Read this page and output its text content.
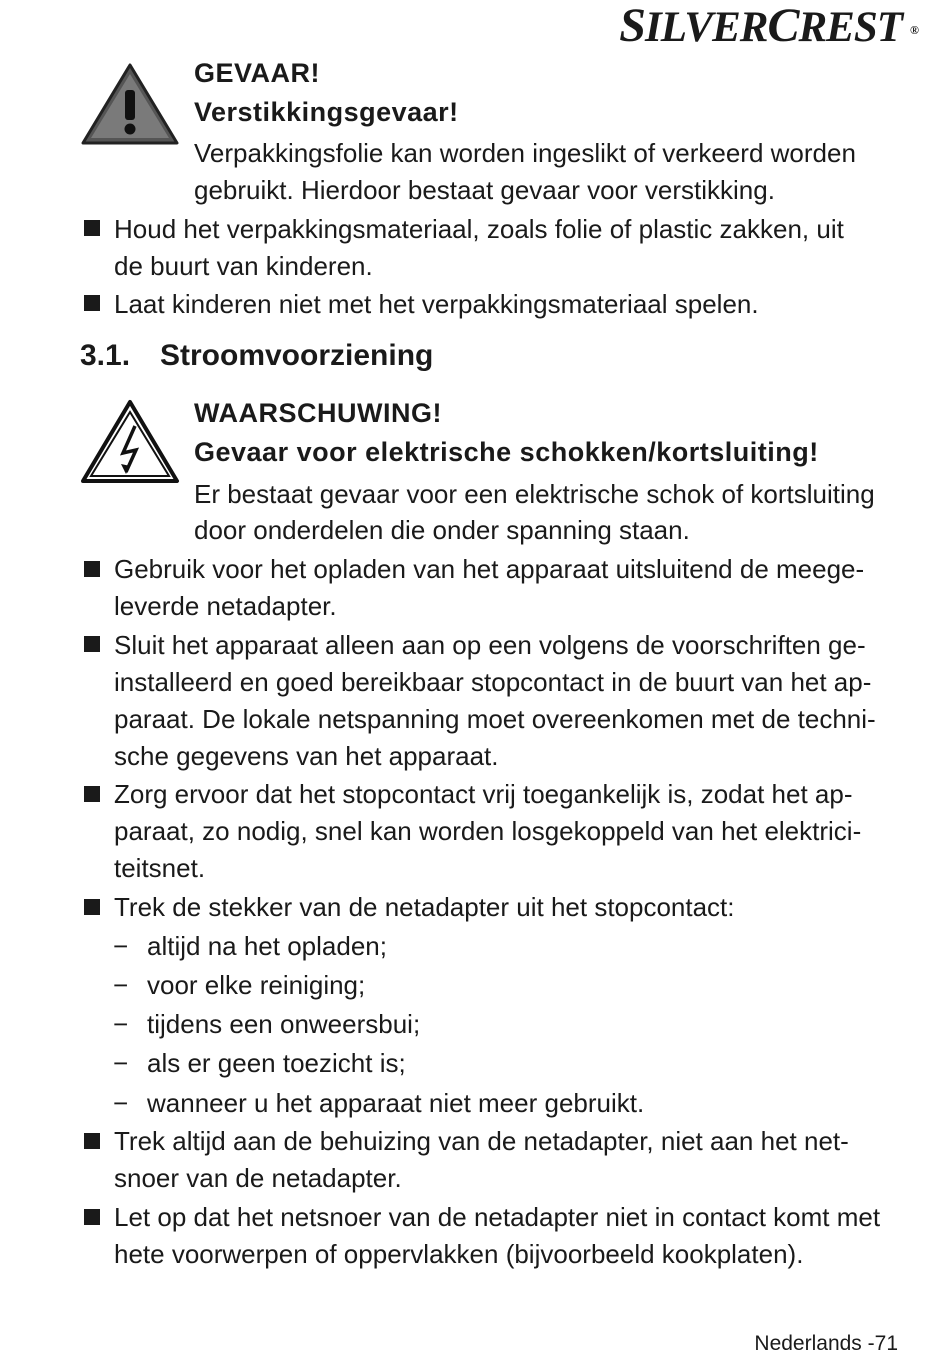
SILVERCREST ®
GEVAAR!
Verstikkingsgevaar!
Verpakkingsfolie kan worden ingeslikt of verkeerd worden
gebruikt. Hierdoor bestaat gevaar voor verstikking.
Houd het verpakkingsmateriaal, zoals folie of plastic zakken, uit
de buurt van kinderen.
Laat kinderen niet met het verpakkingsmateriaal spelen.
3.1. Stroomvoorziening
WAARSCHUWING!
Gevaar voor elektrische schokken/kortsluiting!
Er bestaat gevaar voor een elektrische schok of kortsluiting
door onderdelen die onder spanning staan.
Gebruik voor het opladen van het apparaat uitsluitend de meege-
leverde netadapter.
Sluit het apparaat alleen aan op een volgens de voorschriften ge-
installeerd en goed bereikbaar stopcontact in de buurt van het ap-
paraat. De lokale netspanning moet overeenkomen met de techni-
sche gegevens van het apparaat.
Zorg ervoor dat het stopcontact vrij toegankelijk is, zodat het ap-
paraat, zo nodig, snel kan worden losgekoppeld van het elektrici-
teitsnet.
Trek de stekker van de netadapter uit het stopcontact:
− altijd na het opladen;
− voor elke reiniging;
− tijdens een onweersbui;
− als er geen toezicht is;
− wanneer u het apparaat niet meer gebruikt.
Trek altijd aan de behuizing van de netadapter, niet aan het net-
snoer van de netadapter.
Let op dat het netsnoer van de netadapter niet in contact komt met
hete voorwerpen of oppervlakken (bijvoorbeeld kookplaten).
Nederlands -71
